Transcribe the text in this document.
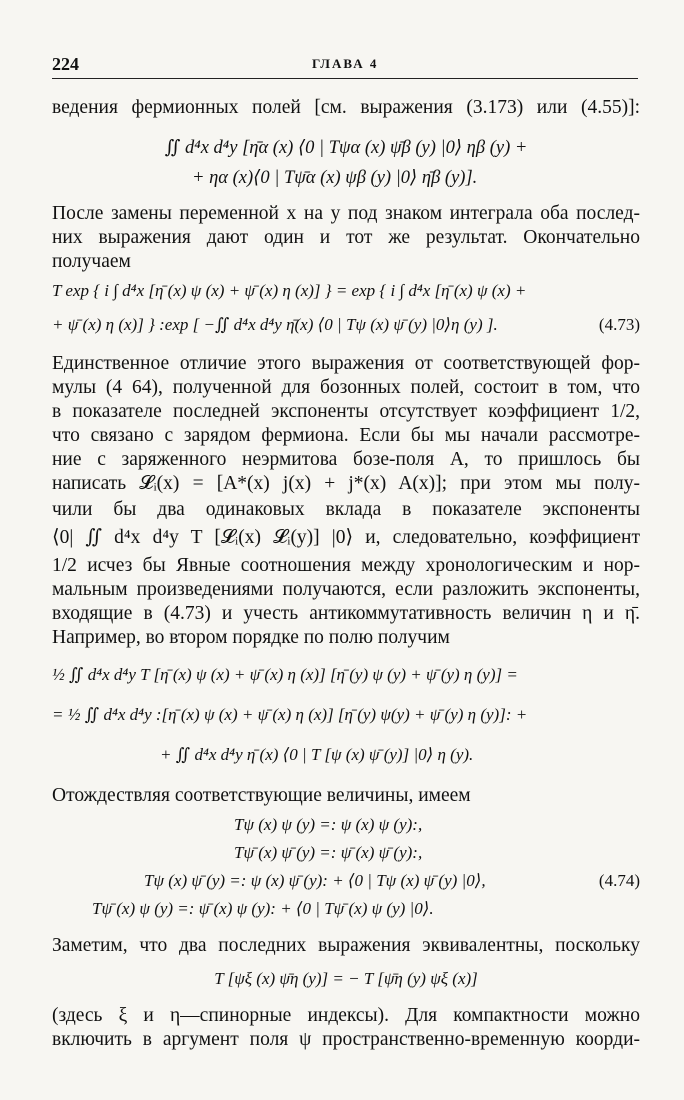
224	ГЛАВА 4
ведения фермионных полей [см. выражения (3.173) или (4.55)]:
∬ d⁴x d⁴y [η̄α (x) ⟨0 | Tψα (x) ψ̄β (y) |0⟩ ηβ (y) +
+ ηα (x)⟨0 | Tψ̄α (x) ψβ (y) |0⟩ η̄β (y)].
После замены переменной x на y под знаком интеграла оба послед-
них выражения дают один и тот же результат. Окончательно
получаем
T exp { i ∫ d⁴x [η̄ (x) ψ (x) + ψ̄ (x) η (x)] } = exp { i ∫ d⁴x [η̄ (x) ψ (x) +
+ ψ̄ (x) η (x)] } :exp [ −∬ d⁴x d⁴y η̄(x) ⟨0 | Tψ (x) ψ̄ (y) |0⟩η (y) ].	(4.73)
Единственное отличие этого выражения от соответствующей фор-
мулы (4 64), полученной для бозонных полей, состоит в том, что
в показателе последней экспоненты отсутствует коэффициент 1/2,
что связано с зарядом фермиона. Если бы мы начали рассмотре-
ние с заряженного неэрмитова бозе-поля A, то пришлось бы
написать 𝓛ᵢ(x) = [A*(x) j(x) + j*(x) A(x)]; при этом мы полу-
чили бы два одинаковых вклада в показателе экспоненты
⟨0| ∬ d⁴x d⁴y T [𝓛ᵢ(x) 𝓛ᵢ(y)] |0⟩ и, следовательно, коэффициент
1/2 исчез бы Явные соотношения между хронологическим и нор-
мальным произведениями получаются, если разложить экспоненты,
входящие в (4.73) и учесть антикоммутативность величин η и η̄.
Например, во втором порядке по полю получим
½ ∬ d⁴x d⁴y T [η̄ (x) ψ (x) + ψ̄ (x) η (x)] [η̄ (y) ψ (y) + ψ̄ (y) η (y)] =
= ½ ∬ d⁴x d⁴y :[η̄ (x) ψ (x) + ψ̄ (x) η (x)] [η̄ (y) ψ(y) + ψ̄ (y) η (y)]: +
+ ∬ d⁴x d⁴y η̄ (x) ⟨0 | T [ψ (x) ψ̄ (y)] |0⟩ η (y).
Отождествляя соответствующие величины, имеем
Tψ (x) ψ (y) =: ψ (x) ψ (y):,
Tψ̄ (x) ψ̄ (y) =: ψ̄ (x) ψ̄ (y):,
Tψ (x) ψ̄ (y) =: ψ (x) ψ̄ (y): + ⟨0 | Tψ (x) ψ̄ (y) |0⟩,	(4.74)
Tψ̄ (x) ψ (y) =: ψ̄ (x) ψ (y): + ⟨0 | Tψ̄ (x) ψ (y) |0⟩.
Заметим, что два последних выражения эквивалентны, поскольку
T [ψξ (x) ψ̄η (y)] = − T [ψ̄η (y) ψξ (x)]
(здесь ξ и η—спинорные индексы). Для компактности можно
включить в аргумент поля ψ пространственно-временную коорди-
